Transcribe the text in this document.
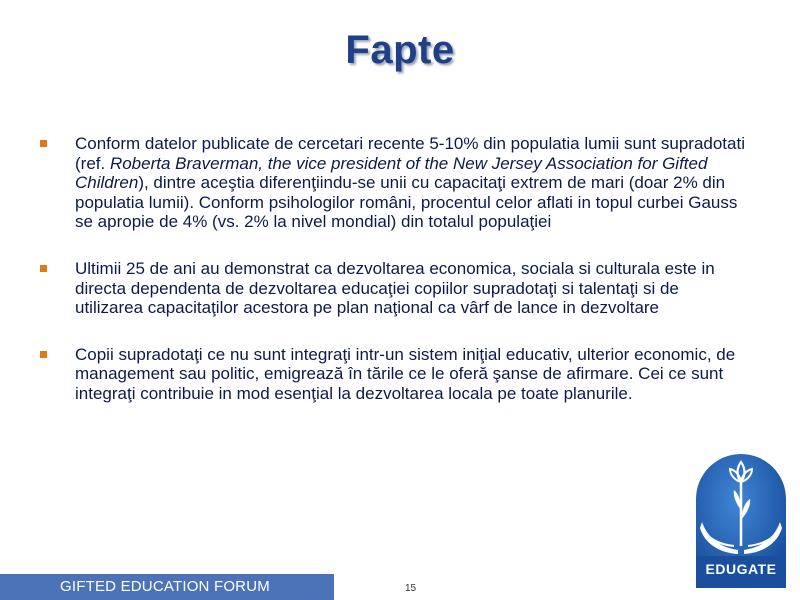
Fapte
Conform datelor publicate de cercetari recente 5-10% din populatia lumii sunt supradotati (ref. Roberta Braverman, the vice president of the New Jersey Association for Gifted Children), dintre aceştia diferenţiindu-se unii cu capacitaţi extrem de mari (doar 2% din populatia lumii). Conform psihologilor români, procentul celor aflati in topul curbei Gauss se apropie de 4% (vs. 2% la nivel mondial) din totalul populaţiei
Ultimii 25 de ani au demonstrat ca dezvoltarea economica, sociala si culturala este in directa dependenta de dezvoltarea educaţiei copiilor supradotaţi si talentaţi si de utilizarea capacitaţilor acestora pe plan naţional ca vârf de lance in dezvoltare
Copii supradotaţi ce nu sunt integraţi intr-un sistem iniţial educativ, ulterior economic, de management sau politic, emigrează în tările ce le oferă şanse de afirmare. Cei ce sunt integraţi contribuie in mod esenţial la dezvoltarea locala pe toate planurile.
GIFTED EDUCATION FORUM	15
EDUGATE
